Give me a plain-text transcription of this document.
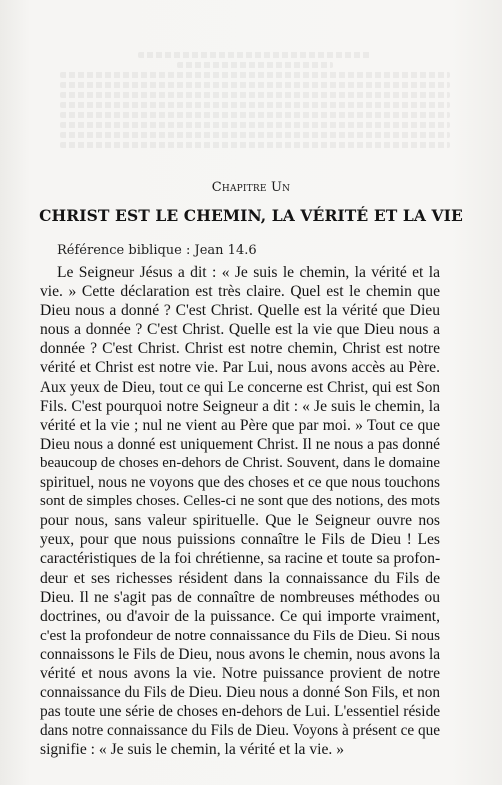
Chapitre Un
CHRIST EST LE CHEMIN, LA VÉRITÉ ET LA VIE
Référence biblique : Jean 14.6
Le Seigneur Jésus a dit : « Je suis le chemin, la vérité et la
vie. » Cette déclaration est très claire. Quel est le chemin que
Dieu nous a donné ? C'est Christ. Quelle est la vérité que Dieu
nous a donnée ? C'est Christ. Quelle est la vie que Dieu nous a
donnée ? C'est Christ. Christ est notre chemin, Christ est notre
vérité et Christ est notre vie. Par Lui, nous avons accès au Père.
Aux yeux de Dieu, tout ce qui Le concerne est Christ, qui est Son
Fils. C'est pourquoi notre Seigneur a dit : « Je suis le chemin, la
vérité et la vie ; nul ne vient au Père que par moi. » Tout ce que
Dieu nous a donné est uniquement Christ. Il ne nous a pas donné
beaucoup de choses en-dehors de Christ. Souvent, dans le domaine
spirituel, nous ne voyons que des choses et ce que nous touchons
sont de simples choses. Celles-ci ne sont que des notions, des mots
pour nous, sans valeur spirituelle. Que le Seigneur ouvre nos
yeux, pour que nous puissions connaître le Fils de Dieu ! Les
caractéristiques de la foi chrétienne, sa racine et toute sa profon-
deur et ses richesses résident dans la connaissance du Fils de
Dieu. Il ne s'agit pas de connaître de nombreuses méthodes ou
doctrines, ou d'avoir de la puissance. Ce qui importe vraiment,
c'est la profondeur de notre connaissance du Fils de Dieu. Si nous
connaissons le Fils de Dieu, nous avons le chemin, nous avons la
vérité et nous avons la vie. Notre puissance provient de notre
connaissance du Fils de Dieu. Dieu nous a donné Son Fils, et non
pas toute une série de choses en-dehors de Lui. L'essentiel réside
dans notre connaissance du Fils de Dieu. Voyons à présent ce que
signifie : « Je suis le chemin, la vérité et la vie. »
